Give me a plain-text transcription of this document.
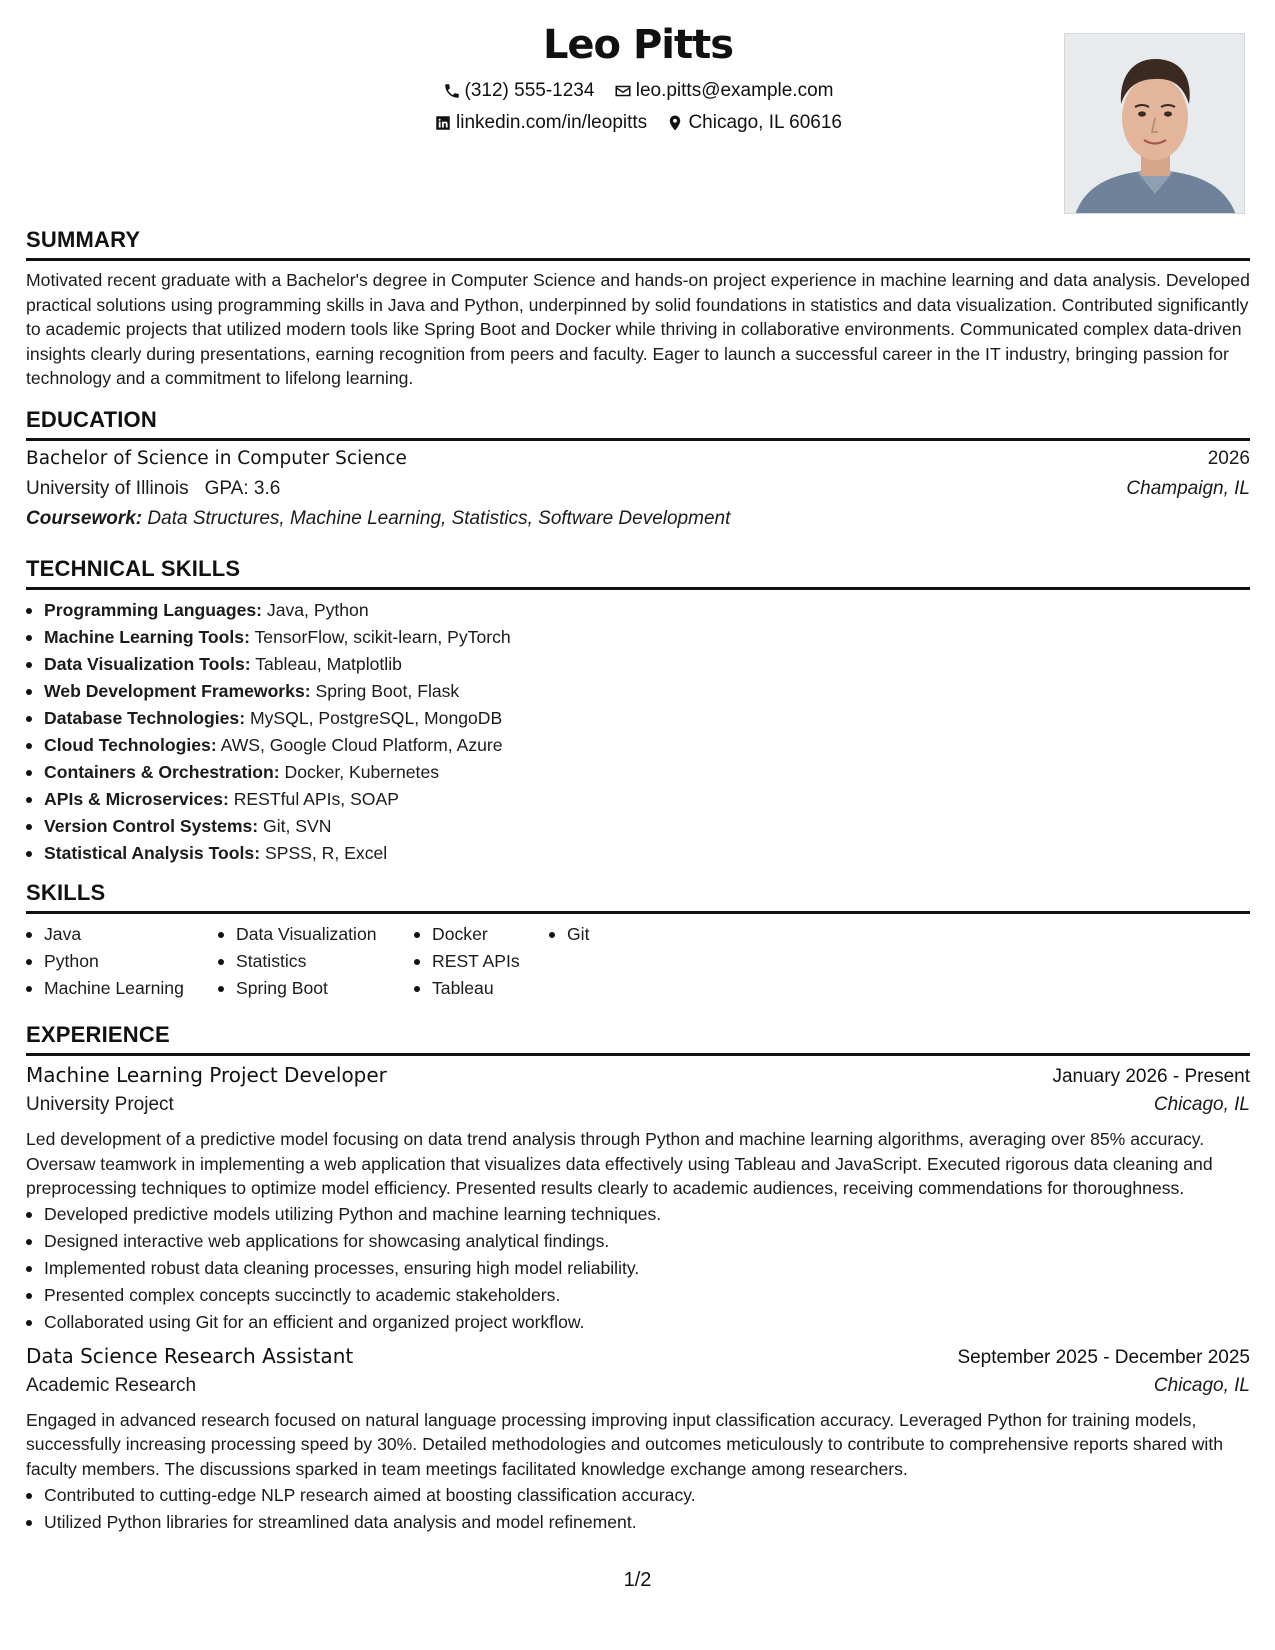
Leo Pitts
(312) 555-1234
leo.pitts@example.com
linkedin.com/in/leopitts
Chicago, IL 60616
SUMMARY

Motivated recent graduate with a Bachelor's degree in Computer Science and hands-on project experience in machine learning and data analysis. Developed practical solutions using programming skills in Java and Python, underpinned by solid foundations in statistics and data visualization. Contributed significantly to academic projects that utilized modern tools like Spring Boot and Docker while thriving in collaborative environments. Communicated complex data-driven insights clearly during presentations, earning recognition from peers and faculty. Eager to launch a successful career in the IT industry, bringing passion for technology and a commitment to lifelong learning.

EDUCATION
Bachelor of Science in Computer Science	2026
University of Illinois GPA: 3.6	Champaign, IL
Coursework: Data Structures, Machine Learning, Statistics, Software Development
TECHNICAL SKILLS
Programming Languages: Java, Python
Machine Learning Tools: TensorFlow, scikit-learn, PyTorch
Data Visualization Tools: Tableau, Matplotlib
Web Development Frameworks: Spring Boot, Flask
Database Technologies: MySQL, PostgreSQL, MongoDB
Cloud Technologies: AWS, Google Cloud Platform, Azure
Containers & Orchestration: Docker, Kubernetes
APIs & Microservices: RESTful APIs, SOAP
Version Control Systems: Git, SVN
Statistical Analysis Tools: SPSS, R, Excel
SKILLS
Java
Python
Machine Learning
Data Visualization
Statistics
Spring Boot
Docker
REST APIs
Tableau
Git
EXPERIENCE
Machine Learning Project Developer	January 2026 - Present
University Project	Chicago, IL

Led development of a predictive model focusing on data trend analysis through Python and machine learning algorithms, averaging over 85% accuracy. Oversaw teamwork in implementing a web application that visualizes data effectively using Tableau and JavaScript. Executed rigorous data cleaning and preprocessing techniques to optimize model efficiency. Presented results clearly to academic audiences, receiving commendations for thoroughness.

Developed predictive models utilizing Python and machine learning techniques.
Designed interactive web applications for showcasing analytical findings.
Implemented robust data cleaning processes, ensuring high model reliability.
Presented complex concepts succinctly to academic stakeholders.
Collaborated using Git for an efficient and organized project workflow.
Data Science Research Assistant	September 2025 - December 2025
Academic Research	Chicago, IL

Engaged in advanced research focused on natural language processing improving input classification accuracy. Leveraged Python for training models, successfully increasing processing speed by 30%. Detailed methodologies and outcomes meticulously to contribute to comprehensive reports shared with faculty members. The discussions sparked in team meetings facilitated knowledge exchange among researchers.

Contributed to cutting-edge NLP research aimed at boosting classification accuracy.
Utilized Python libraries for streamlined data analysis and model refinement.
1/2
